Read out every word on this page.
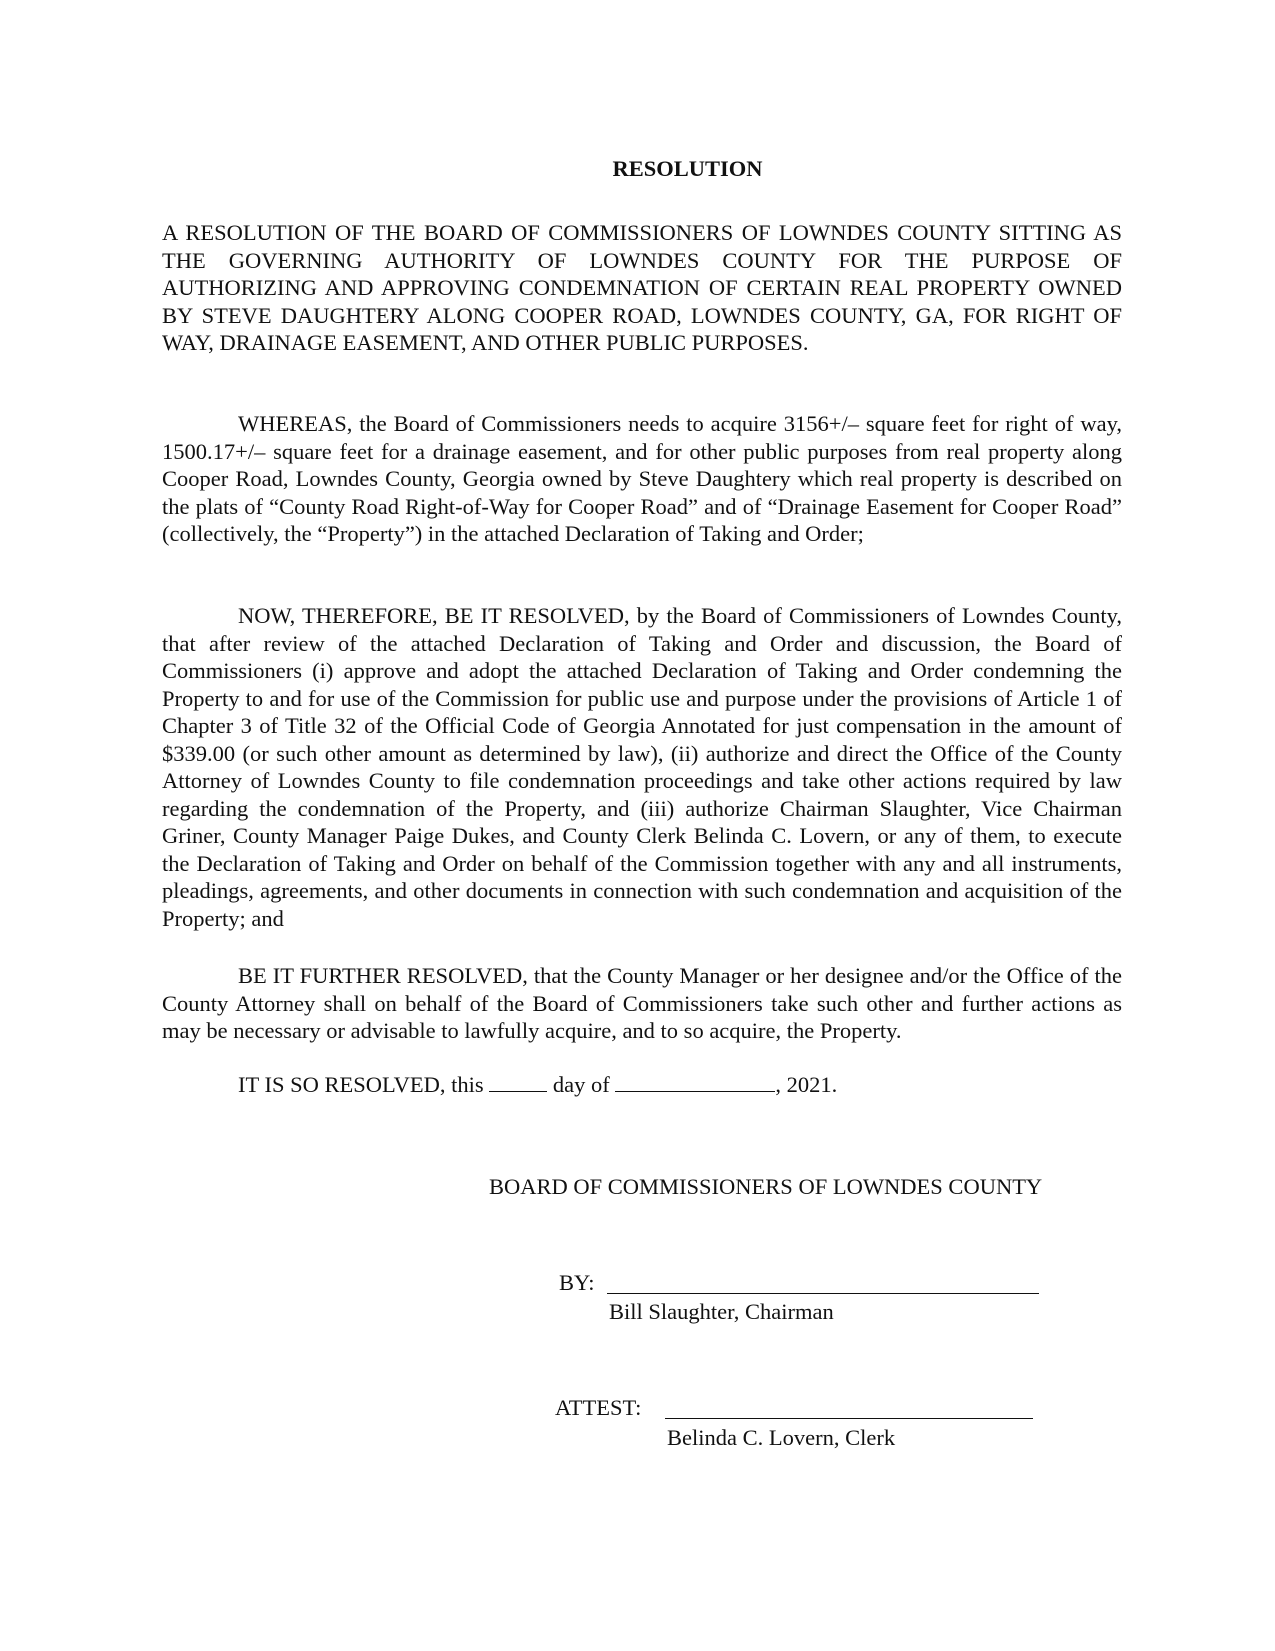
RESOLUTION
A RESOLUTION OF THE BOARD OF COMMISSIONERS OF LOWNDES COUNTY SITTING AS THE GOVERNING AUTHORITY OF LOWNDES COUNTY FOR THE PURPOSE OF AUTHORIZING AND APPROVING CONDEMNATION OF CERTAIN REAL PROPERTY OWNED BY STEVE DAUGHTERY ALONG COOPER ROAD, LOWNDES COUNTY, GA, FOR RIGHT OF WAY, DRAINAGE EASEMENT, AND OTHER PUBLIC PURPOSES.
WHEREAS, the Board of Commissioners needs to acquire 3156+/– square feet for right of way, 1500.17+/– square feet for a drainage easement, and for other public purposes from real property along Cooper Road, Lowndes County, Georgia owned by Steve Daughtery which real property is described on the plats of “County Road Right-of-Way for Cooper Road” and of “Drainage Easement for Cooper Road” (collectively, the “Property”) in the attached Declaration of Taking and Order;
NOW, THEREFORE, BE IT RESOLVED, by the Board of Commissioners of Lowndes County, that after review of the attached Declaration of Taking and Order and discussion, the Board of Commissioners (i) approve and adopt the attached Declaration of Taking and Order condemning the Property to and for use of the Commission for public use and purpose under the provisions of Article 1 of Chapter 3 of Title 32 of the Official Code of Georgia Annotated for just compensation in the amount of $339.00 (or such other amount as determined by law), (ii) authorize and direct the Office of the County Attorney of Lowndes County to file condemnation proceedings and take other actions required by law regarding the condemnation of the Property, and (iii) authorize Chairman Slaughter, Vice Chairman Griner, County Manager Paige Dukes, and County Clerk Belinda C. Lovern, or any of them, to execute the Declaration of Taking and Order on behalf of the Commission together with any and all instruments, pleadings, agreements, and other documents in connection with such condemnation and acquisition of the Property; and
BE IT FURTHER RESOLVED, that the County Manager or her designee and/or the Office of the County Attorney shall on behalf of the Board of Commissioners take such other and further actions as may be necessary or advisable to lawfully acquire, and to so acquire, the Property.
IT IS SO RESOLVED, this	day of	, 2021.
BOARD OF COMMISSIONERS OF LOWNDES COUNTY
BY:
Bill Slaughter, Chairman
ATTEST:
Belinda C. Lovern, Clerk
